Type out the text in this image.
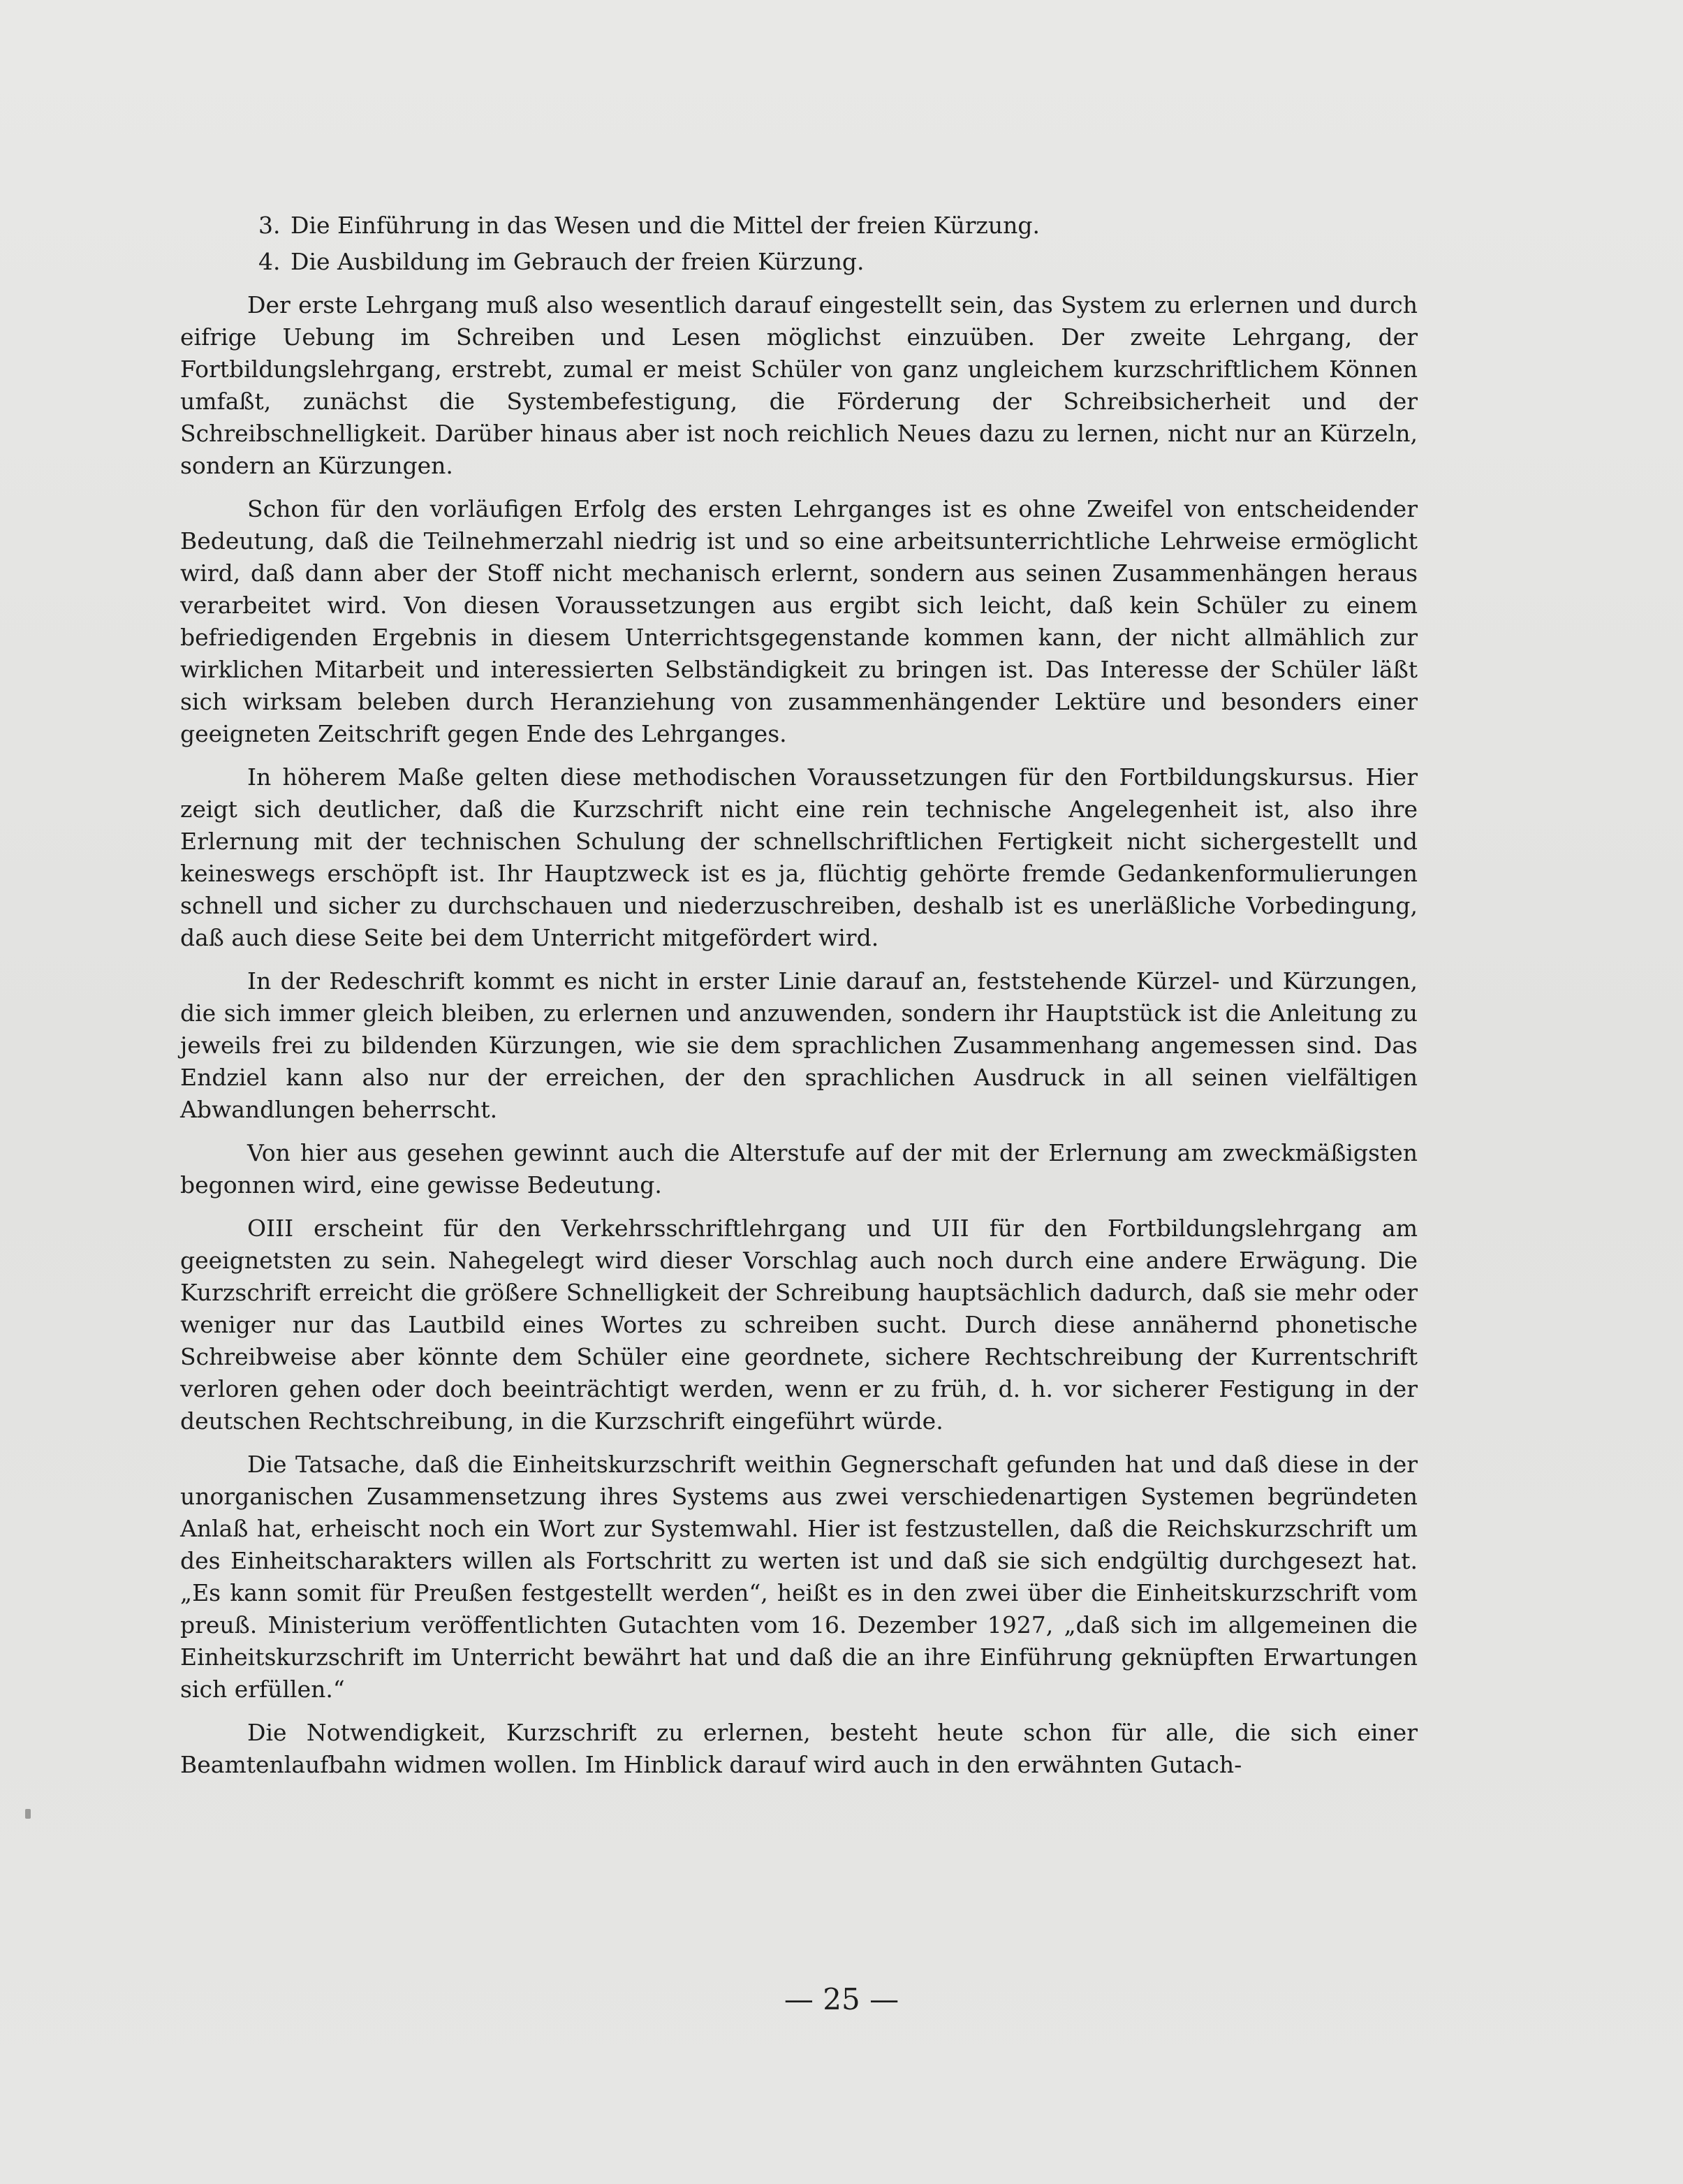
3. Die Einführung in das Wesen und die Mittel der freien Kürzung.
4. Die Ausbildung im Gebrauch der freien Kürzung.

Der erste Lehrgang muß also wesentlich darauf eingestellt sein, das System zu erlernen und durch eifrige Uebung im Schreiben und Lesen möglichst einzuüben. Der zweite Lehrgang, der Fortbildungslehrgang, erstrebt, zumal er meist Schüler von ganz ungleichem kurzschriftlichem Können umfaßt, zunächst die Systembefestigung, die Förderung der Schreibsicherheit und der Schreibschnelligkeit. Darüber hinaus aber ist noch reichlich Neues dazu zu lernen, nicht nur an Kürzeln, sondern an Kürzungen.

Schon für den vorläufigen Erfolg des ersten Lehrganges ist es ohne Zweifel von entscheidender Bedeutung, daß die Teilnehmerzahl niedrig ist und so eine arbeitsunterrichtliche Lehrweise ermöglicht wird, daß dann aber der Stoff nicht mechanisch erlernt, sondern aus seinen Zusammenhängen heraus verarbeitet wird. Von diesen Voraussetzungen aus ergibt sich leicht, daß kein Schüler zu einem befriedigenden Ergebnis in diesem Unterrichtsgegenstande kommen kann, der nicht allmählich zur wirklichen Mitarbeit und interessierten Selbständigkeit zu bringen ist. Das Interesse der Schüler läßt sich wirksam beleben durch Heranziehung von zusammenhängender Lektüre und besonders einer geeigneten Zeitschrift gegen Ende des Lehrganges.

In höherem Maße gelten diese methodischen Voraussetzungen für den Fortbildungskursus. Hier zeigt sich deutlicher, daß die Kurzschrift nicht eine rein technische Angelegenheit ist, also ihre Erlernung mit der technischen Schulung der schnellschriftlichen Fertigkeit nicht sichergestellt und keineswegs erschöpft ist. Ihr Hauptzweck ist es ja, flüchtig gehörte fremde Gedankenformulierungen schnell und sicher zu durchschauen und niederzuschreiben, deshalb ist es unerläßliche Vorbedingung, daß auch diese Seite bei dem Unterricht mitgefördert wird.

In der Redeschrift kommt es nicht in erster Linie darauf an, feststehende Kürzel- und Kürzungen, die sich immer gleich bleiben, zu erlernen und anzuwenden, sondern ihr Hauptstück ist die Anleitung zu jeweils frei zu bildenden Kürzungen, wie sie dem sprachlichen Zusammenhang angemessen sind. Das Endziel kann also nur der erreichen, der den sprachlichen Ausdruck in all seinen vielfältigen Abwandlungen beherrscht.

Von hier aus gesehen gewinnt auch die Alterstufe auf der mit der Erlernung am zweckmäßigsten begonnen wird, eine gewisse Bedeutung.

OIII erscheint für den Verkehrsschriftlehrgang und UII für den Fortbildungslehrgang am geeignetsten zu sein. Nahegelegt wird dieser Vorschlag auch noch durch eine andere Erwägung. Die Kurzschrift erreicht die größere Schnelligkeit der Schreibung hauptsächlich dadurch, daß sie mehr oder weniger nur das Lautbild eines Wortes zu schreiben sucht. Durch diese annähernd phonetische Schreibweise aber könnte dem Schüler eine geordnete, sichere Rechtschreibung der Kurrentschrift verloren gehen oder doch beeinträchtigt werden, wenn er zu früh, d. h. vor sicherer Festigung in der deutschen Rechtschreibung, in die Kurzschrift eingeführt würde.

Die Tatsache, daß die Einheitskurzschrift weithin Gegnerschaft gefunden hat und daß diese in der unorganischen Zusammensetzung ihres Systems aus zwei verschiedenartigen Systemen begründeten Anlaß hat, erheischt noch ein Wort zur Systemwahl. Hier ist festzustellen, daß die Reichskurzschrift um des Einheitscharakters willen als Fortschritt zu werten ist und daß sie sich endgültig durchgesezt hat. „Es kann somit für Preußen festgestellt werden“, heißt es in den zwei über die Einheitskurzschrift vom preuß. Ministerium veröffentlichten Gutachten vom 16. Dezember 1927, „daß sich im allgemeinen die Einheitskurzschrift im Unterricht bewährt hat und daß die an ihre Einführung geknüpften Erwartungen sich erfüllen.“

Die Notwendigkeit, Kurzschrift zu erlernen, besteht heute schon für alle, die sich einer Beamtenlaufbahn widmen wollen. Im Hinblick darauf wird auch in den erwähnten Gutach-

— 25 —
